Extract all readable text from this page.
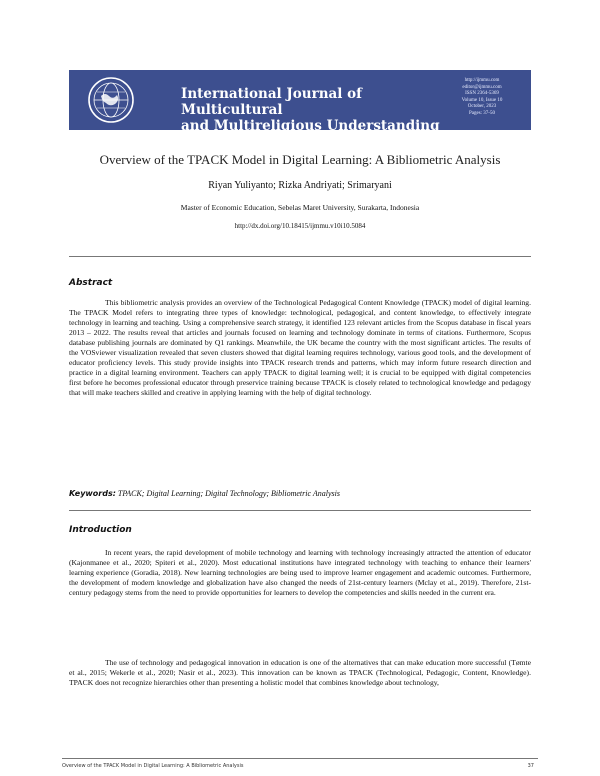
International Journal of Multicultural
and Multireligious Understanding
http://ijmmu.com
editor@ijmmu.com
ISSN 2364-5369
Volume 10, Issue 10
October, 2023
Pages: 37-50
Overview of the TPACK Model in Digital Learning: A Bibliometric Analysis
Riyan Yuliyanto; Rizka Andriyati; Srimaryani
Master of Economic Education, Sebelas Maret University, Surakarta, Indonesia
http://dx.doi.org/10.18415/ijmmu.v10i10.5084
Abstract

This bibliometric analysis provides an overview of the Technological Pedagogical Content Knowledge (TPACK) model of digital learning. The TPACK Model refers to integrating three types of knowledge: technological, pedagogical, and content knowledge, to effectively integrate technology in learning and teaching. Using a comprehensive search strategy, it identified 123 relevant articles from the Scopus database in fiscal years 2013 – 2022. The results reveal that articles and journals focused on learning and technology dominate in terms of citations. Furthermore, Scopus database publishing journals are dominated by Q1 rankings. Meanwhile, the UK became the country with the most significant articles. The results of the VOSviewer visualization revealed that seven clusters showed that digital learning requires technology, various good tools, and the development of educator proficiency levels. This study provide insights into TPACK research trends and patterns, which may inform future research direction and practice in a digital learning environment. Teachers can apply TPACK to digital learning well; it is crucial to be equipped with digital competencies first before he becomes professional educator through preservice training because TPACK is closely related to technological knowledge and pedagogy that will make teachers skilled and creative in applying learning with the help of digital technology.

Keywords: TPACK; Digital Learning; Digital Technology; Bibliometric Analysis
Introduction

In recent years, the rapid development of mobile technology and learning with technology increasingly attracted the attention of educator (Kajonmanee et al., 2020; Spiteri et al., 2020). Most educational institutions have integrated technology with teaching to enhance their learners' learning experience (Goradia, 2018). New learning technologies are being used to improve learner engagement and academic outcomes. Furthermore, the development of modern knowledge and globalization have also changed the needs of 21st-century learners (Mclay et al., 2019). Therefore, 21st-century pedagogy stems from the need to provide opportunities for learners to develop the competencies and skills needed in the current era.

The use of technology and pedagogical innovation in education is one of the alternatives that can make education more successful (Tømte et al., 2015; Wekerle et al., 2020; Nasir et al., 2023). This innovation can be known as TPACK (Technological, Pedagogic, Content, Knowledge). TPACK does not recognize hierarchies other than presenting a holistic model that combines knowledge about technology,

Overview of the TPACK Model in Digital Learning: A Bibliometric Analysis	37
